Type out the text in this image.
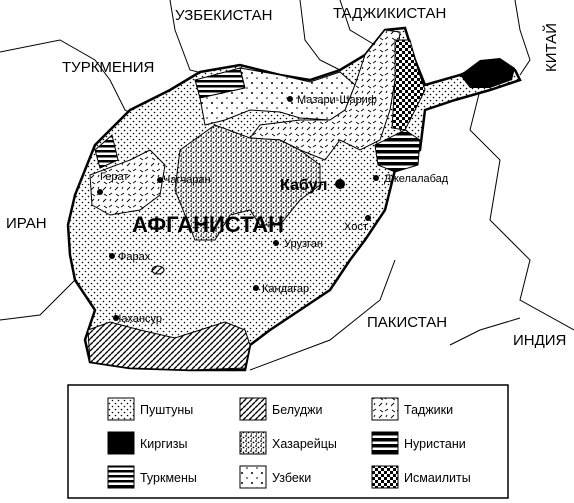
УЗБЕКИСТАН	ТАДЖИКИСТАН
ТУРКМЕНИЯ	КИТАЙ
ИРАН
ПАКИСТАН
ИНДИЯ
Мазари-Шариф
Герат	Чагчаран	Кабул	Джелалабад
Хост
Урузган
Фарах
Кандагар
Чахансур
АФГАНИСТАН
Пуштуны
Киргизы
Туркмены
Белуджи
Хазарейцы
Узбеки
Таджики
Нуристани
Исмаилиты
